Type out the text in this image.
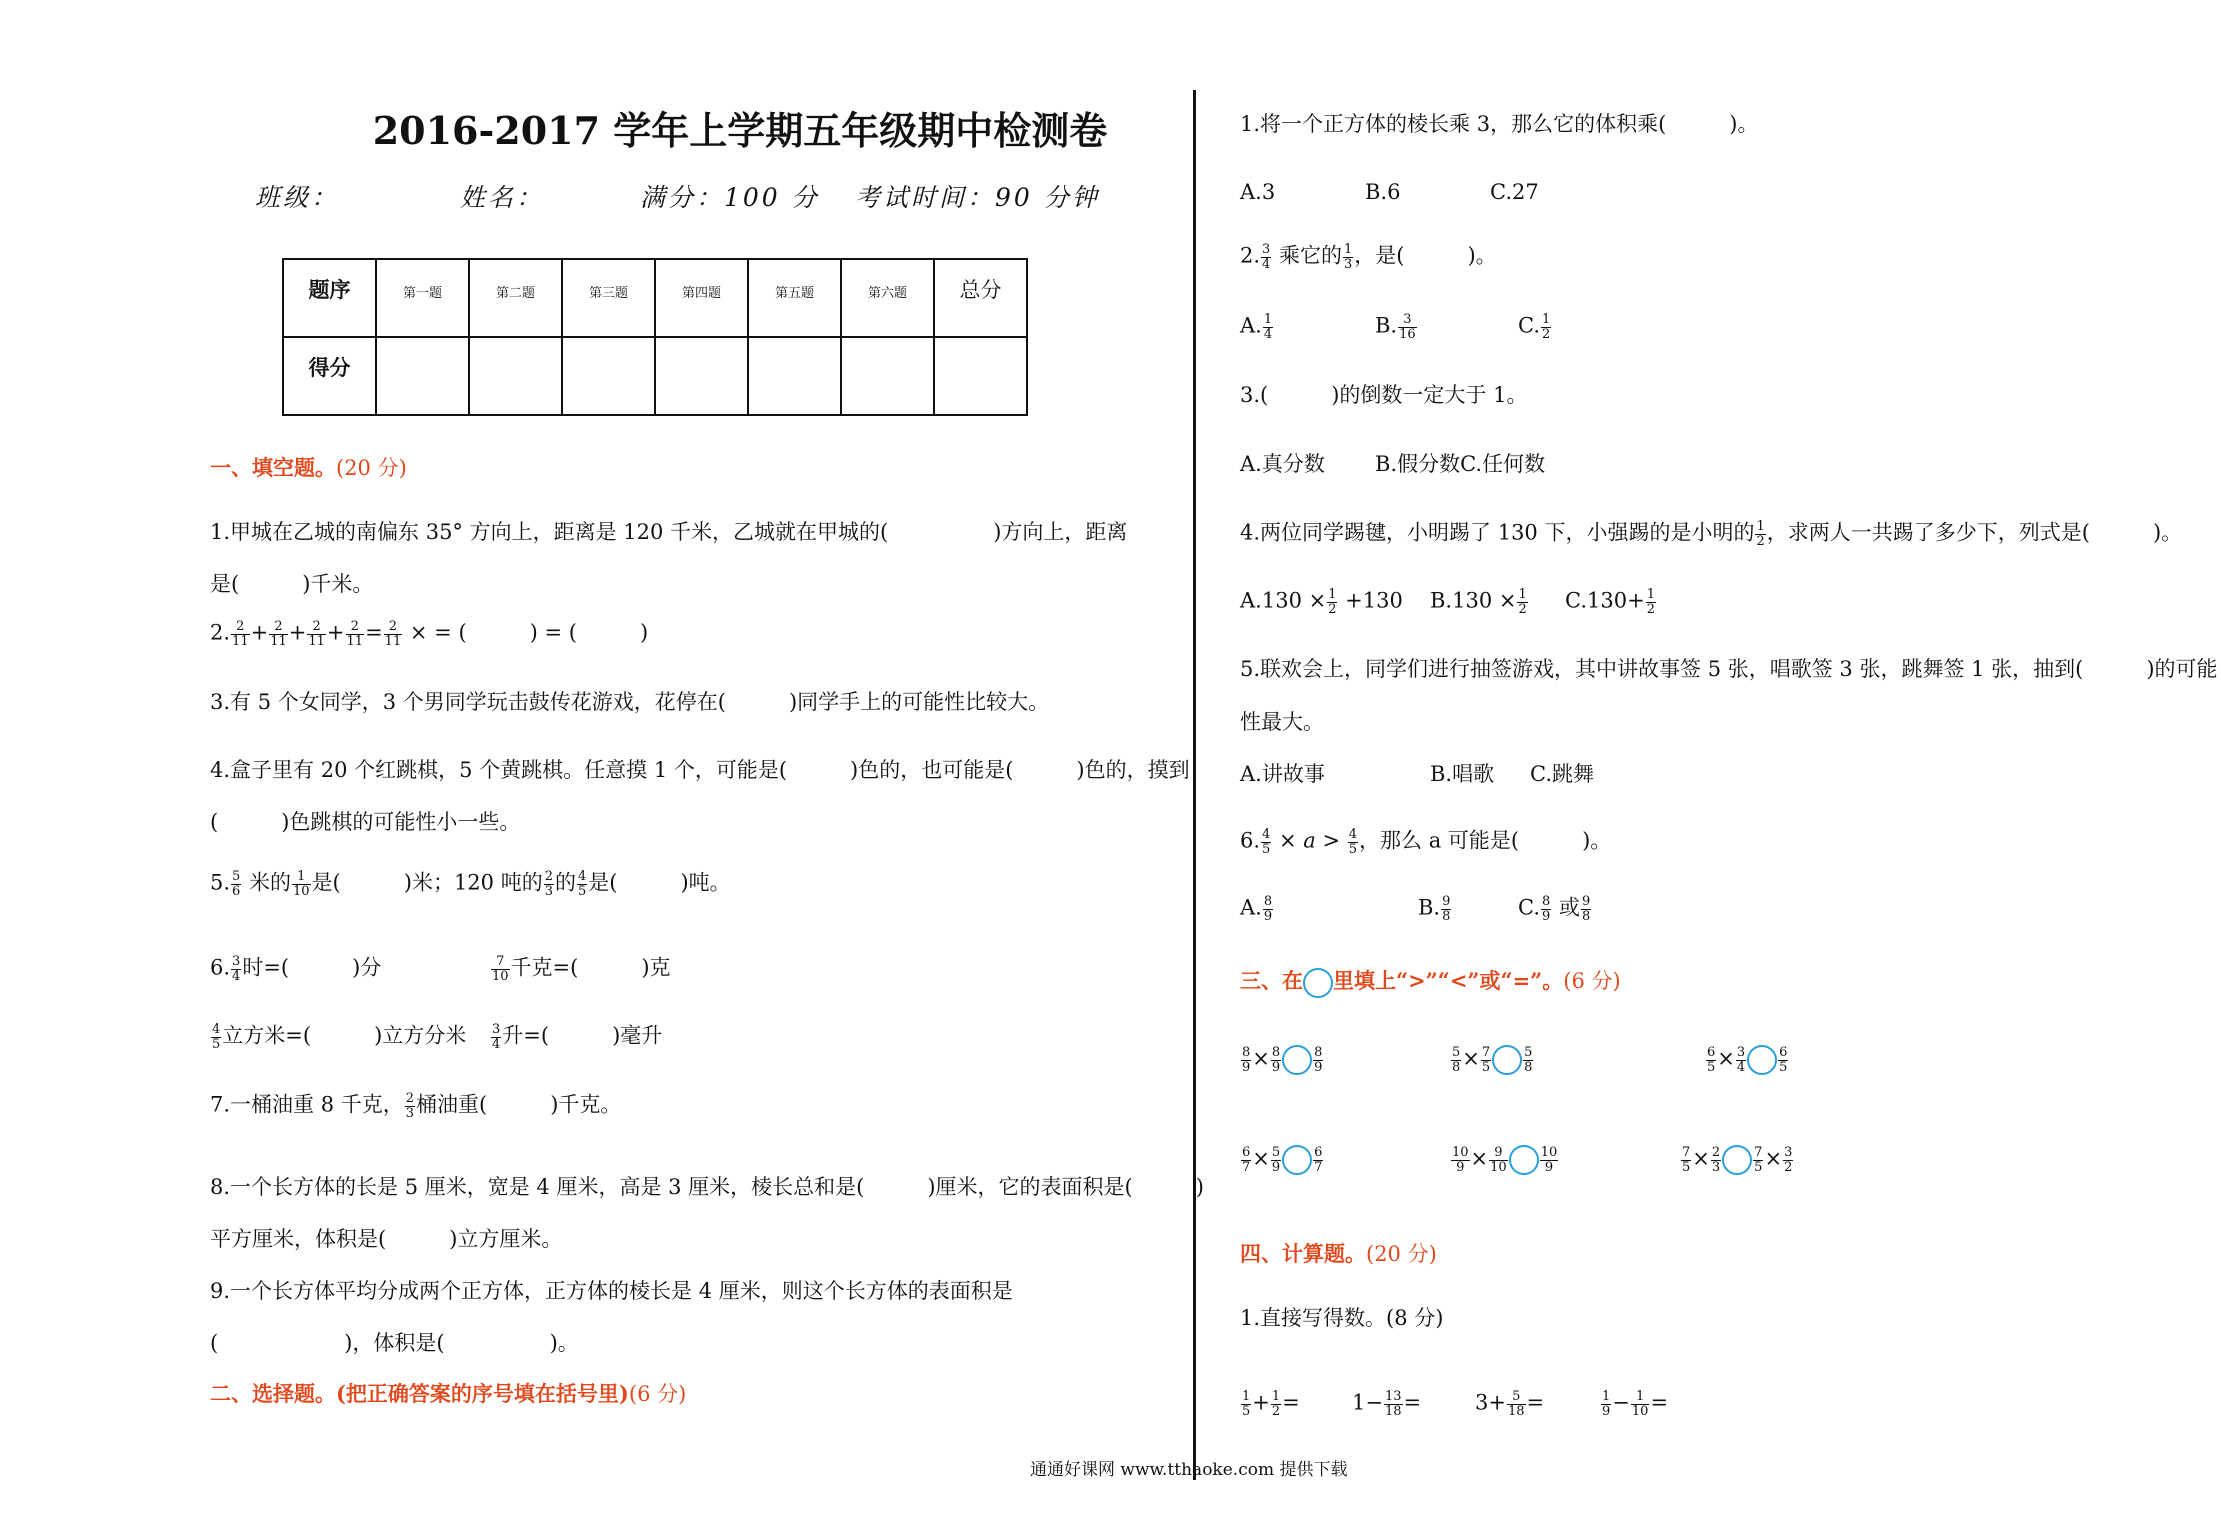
2016-2017 学年上学期五年级期中检测卷
班级：	姓名：	满分：100 分 考试时间：90 分钟
题序	第一题	第二题	第三题	第四题	第五题	第六题	总分
得分							
一、填空题。(20 分)
1.甲城在乙城的南偏东 35° 方向上，距离是 120 千米，乙城就在甲城的(　　　　　)方向上，距离
是(　　　)千米。
2. $\frac{2}{11} + \frac{2}{11} + \frac{2}{11} + \frac{2}{11} = \frac{2}{11}$ × = (　　　) = (　　　)
3.有 5 个女同学，3 个男同学玩击鼓传花游戏，花停在(　　　)同学手上的可能性比较大。
4.盒子里有 20 个红跳棋，5 个黄跳棋。任意摸 1 个，可能是(　　　)色的，也可能是(　　　)色的，摸到
(　　　)色跳棋的可能性小一些。
5. $\frac{5}{6}$ 米的 $\frac{1}{10}$ 是(　　　)米；120 吨的 $\frac{2}{3}$ 的 $\frac{4}{5}$ 是(　　　)吨。
6. $\frac{3}{4}$ 时=(　　　)分	$\frac{7}{10}$ 千克=(　　　)克
$\frac{4}{5}$ 立方米=(　　　)立方分米 $\frac{3}{4}$ 升=(　　　)毫升
7.一桶油重 8 千克， $\frac{2}{3}$ 桶油重(　　　)千克。
8.一个长方体的长是 5 厘米，宽是 4 厘米，高是 3 厘米，棱长总和是(　　　)厘米，它的表面积是(　　　)
平方厘米，体积是(　　　)立方厘米。
9.一个长方体平均分成两个正方体，正方体的棱长是 4 厘米，则这个长方体的表面积是
(　　　　　　)，体积是(　　　　　)。
二、选择题。(把正确答案的序号填在括号里)(6 分)
1.将一个正方体的棱长乘 3，那么它的体积乘(　　　)。
A.3	B.6	C.27
2. $\frac{3}{4}$ 乘它的 $\frac{1}{3}$ ，是(　　　)。
A. $\frac{1}{4}$	B. $\frac{3}{16}$	C. $\frac{1}{2}$
3.(　　　)的倒数一定大于 1。
A.真分数 B.假分数C.任何数
4.两位同学踢毽，小明踢了 130 下，小强踢的是小明的 $\frac{1}{2}$ ，求两人一共踢了多少下，列式是(　　　)。
$A.130 \times \frac{1}{2} +130$ $B.130 \times \frac{1}{2} C.130+ \frac{1}{2}$
5.联欢会上，同学们进行抽签游戏，其中讲故事签 5 张，唱歌签 3 张，跳舞签 1 张，抽到(　　　)的可能
性最大。
A.讲故事	B.唱歌 C.跳舞
6. $\frac{4}{5} \times a > \frac{4}{5}$ ，那么 a 可能是(　　　)。
A. $\frac{8}{9}$	B. $\frac{9}{8}$	C. $\frac{8}{9}$ 或 $\frac{9}{8}$
三、在 里填上“>”“<”或“=”。(6 分)
$\frac{8}{9} \times \frac{8}{9} \frac{8}{9}$	$\frac{5}{8} \times \frac{7}{5} \frac{5}{8}$	$\frac{6}{5} \times \frac{3}{4} \frac{6}{5}$
$\frac{6}{7} \times \frac{5}{9} \frac{6}{7}$	$\frac{10}{9} \times \frac{9}{10} \frac{10}{9}$	$\frac{7}{5} \times \frac{2}{3} \frac{7}{5} \times \frac{3}{2}$
四、计算题。(20 分)
1.直接写得数。(8 分)
$\frac{1}{5} + \frac{1}{2} = 1- \frac{13}{18}$ =	$3+ \frac{5}{18}$ =	$\frac{1}{9} - \frac{1}{10}$ =
通通好课网 www.tthaoke.com 提供下载
